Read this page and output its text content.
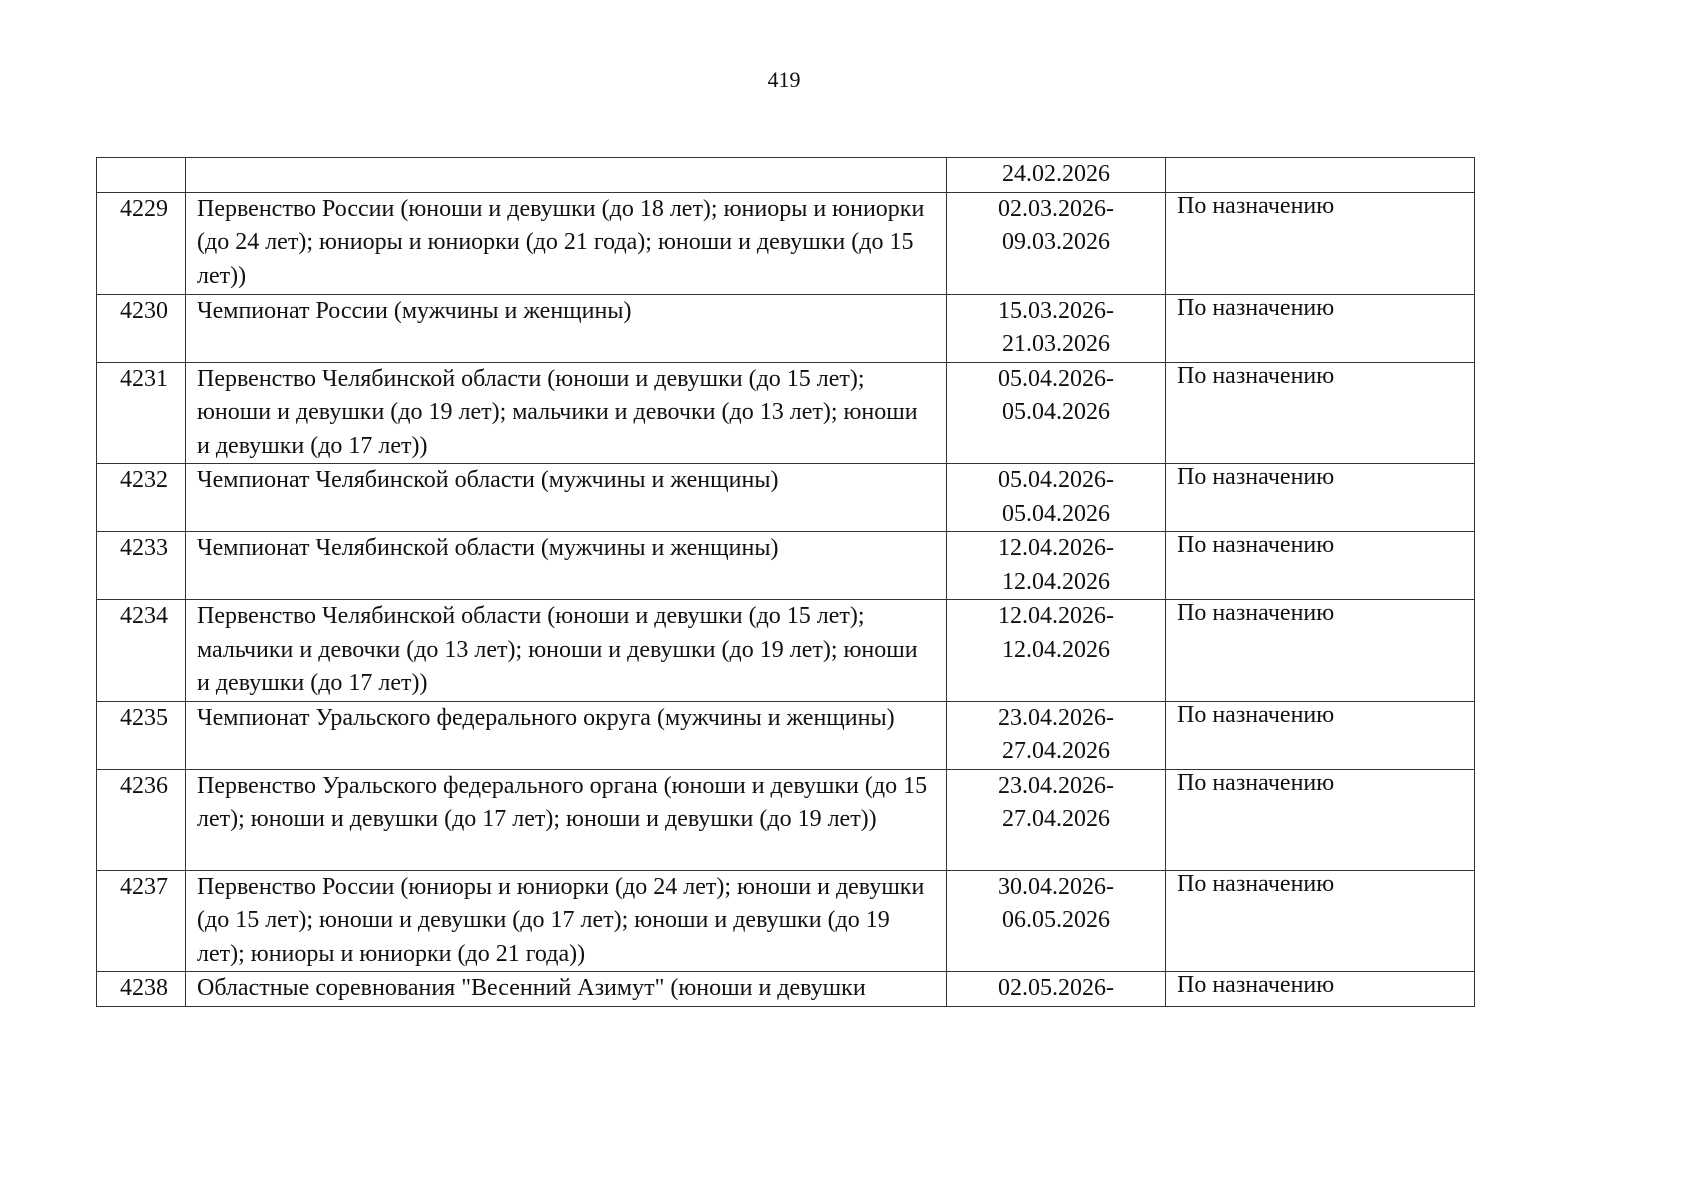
419

		24.02.2026	

4229	Первенство России (юноши и девушки (до 18 лет); юниоры и юниорки (до 24 лет); юниоры и юниорки (до 21 года); юноши и девушки (до 15 лет))	02.03.2026-
09.03.2026	По назначению

4230	Чемпионат России (мужчины и женщины)	15.03.2026-
21.03.2026	По назначению

4231	Первенство Челябинской области (юноши и девушки (до 15 лет); юноши и девушки (до 19 лет); мальчики и девочки (до 13 лет); юноши и девушки (до 17 лет))	05.04.2026-
05.04.2026	По назначению

4232	Чемпионат Челябинской области (мужчины и женщины)	05.04.2026-
05.04.2026	По назначению

4233	Чемпионат Челябинской области (мужчины и женщины)	12.04.2026-
12.04.2026	По назначению

4234	Первенство Челябинской области (юноши и девушки (до 15 лет); мальчики и девочки (до 13 лет); юноши и девушки (до 19 лет); юноши и девушки (до 17 лет))	12.04.2026-
12.04.2026	По назначению

4235	Чемпионат Уральского федерального округа (мужчины и женщины)	23.04.2026-
27.04.2026	По назначению

4236	Первенство Уральского федерального органа (юноши и девушки (до 15 лет); юноши и девушки (до 17 лет); юноши и девушки (до 19 лет))	23.04.2026-
27.04.2026	По назначению

4237	Первенство России (юниоры и юниорки (до 24 лет); юноши и девушки (до 15 лет); юноши и девушки (до 17 лет); юноши и девушки (до 19 лет); юниоры и юниорки (до 21 года))	30.04.2026-
06.05.2026	По назначению

4238	Областные соревнования "Весенний Азимут" (юноши и девушки	02.05.2026-	По назначению
